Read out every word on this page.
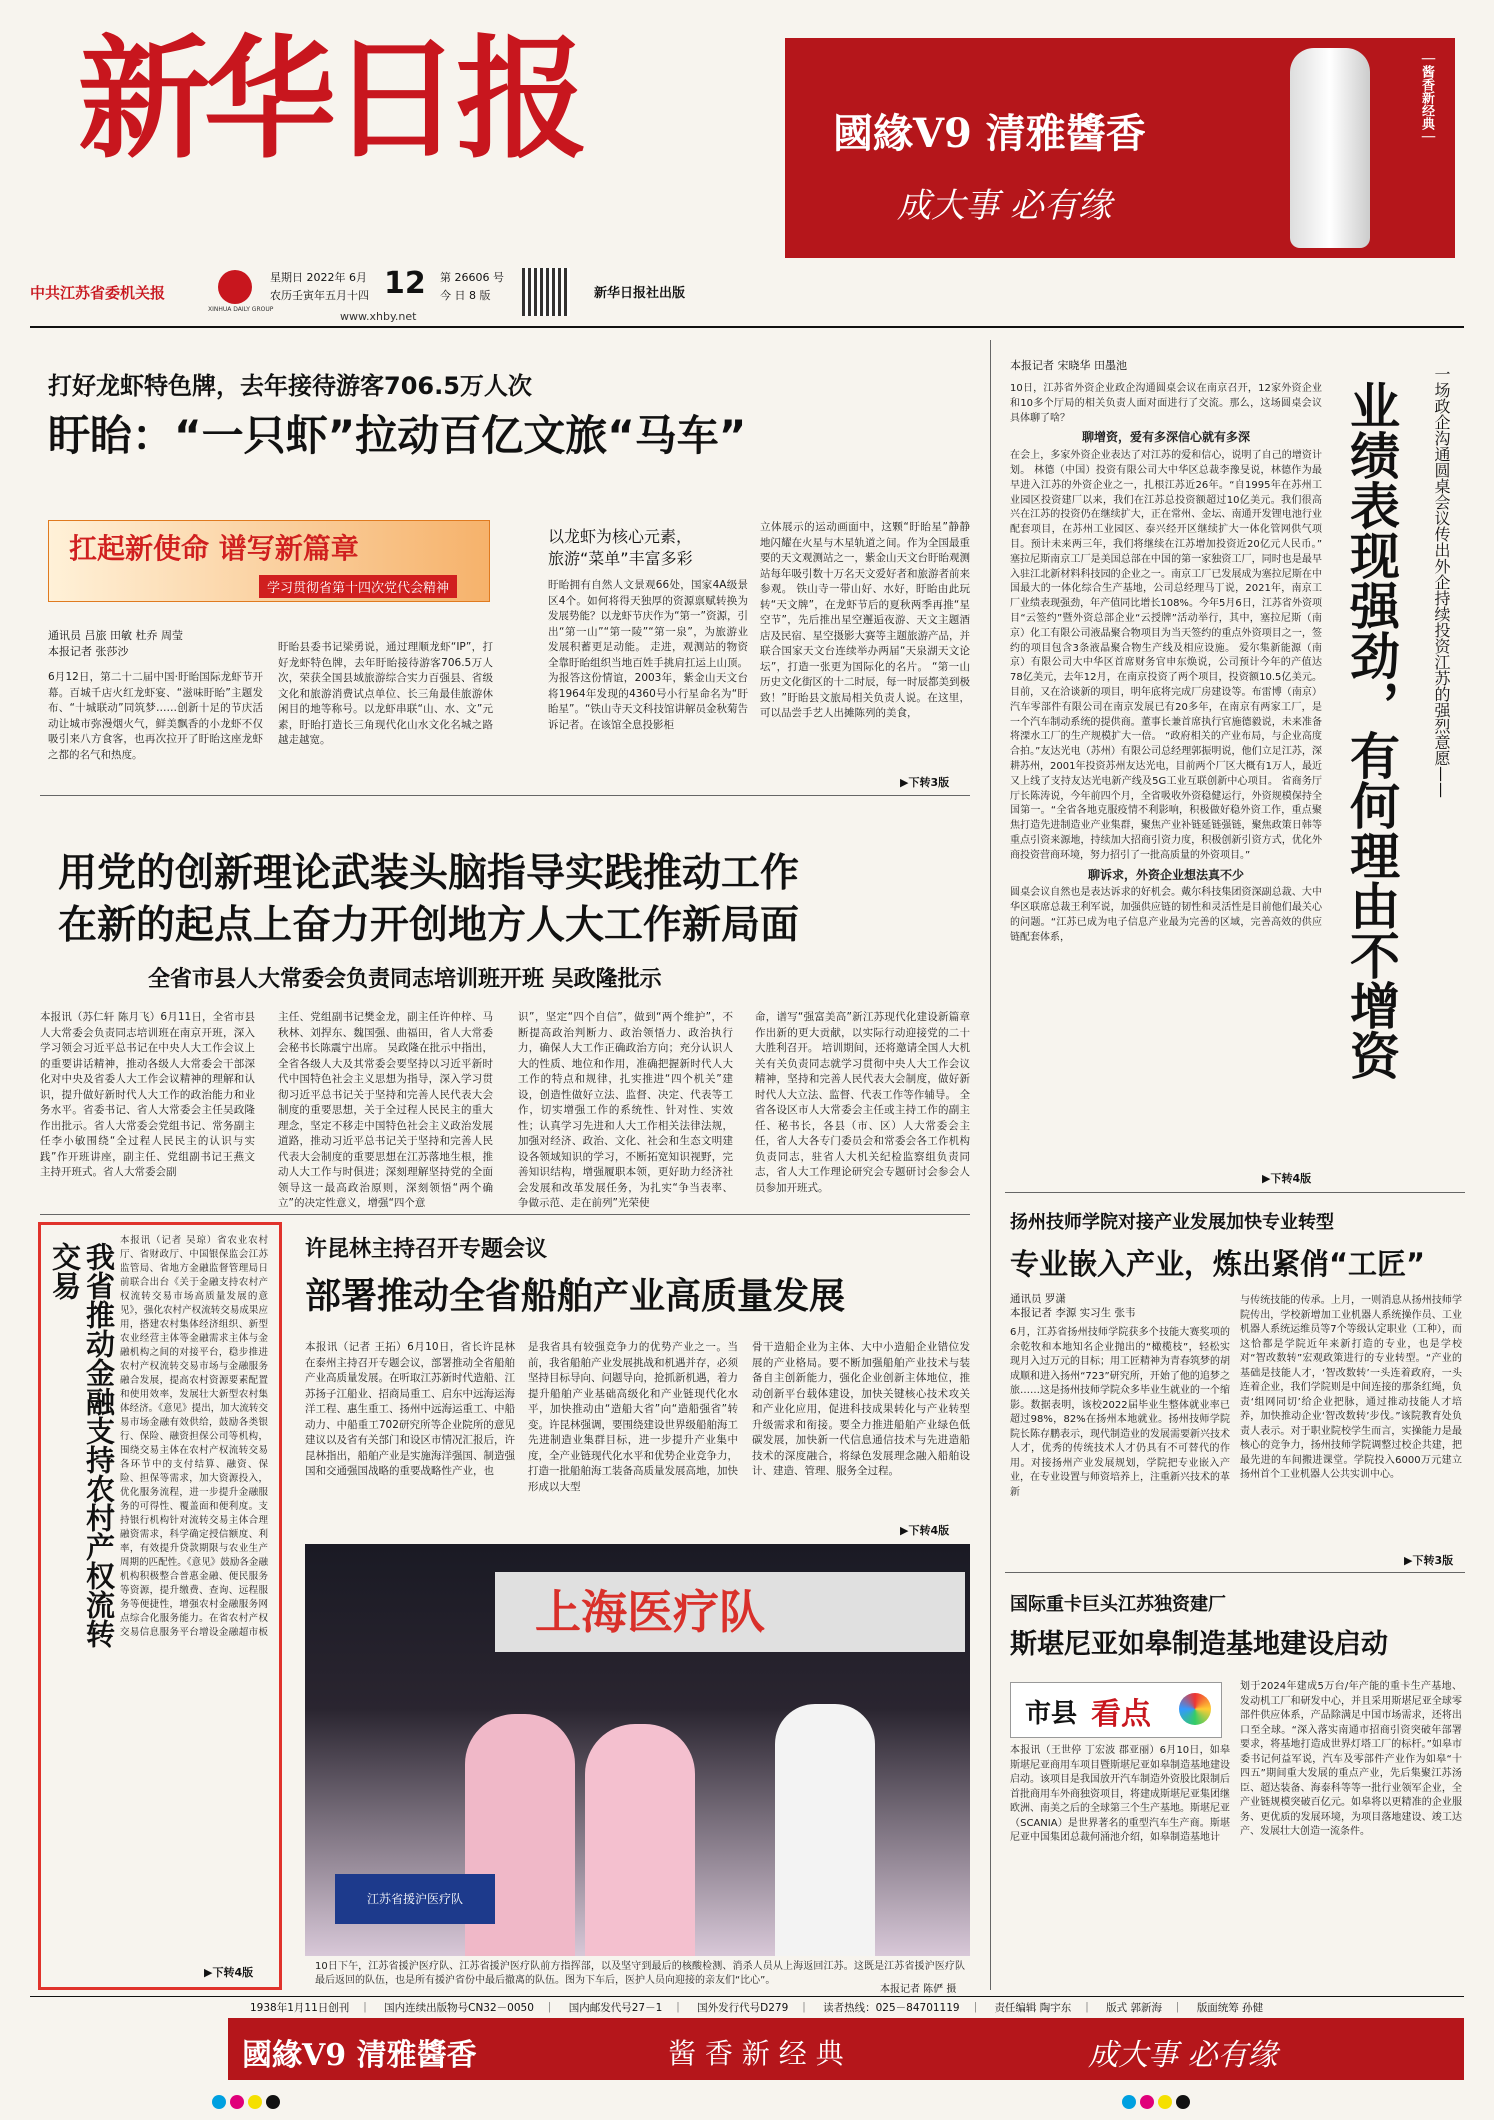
新华日报
中共江苏省委机关报
XINHUA DAILY GROUP
星期日 2022年 6月
农历壬寅年五月十四 12 第 26606 号
今 日 8 版	新华日报社出版
www.xhby.net
國緣V9 清雅醬香
成大事 必有缘
｜酱香新经典｜
打好龙虾特色牌，去年接待游客706.5万人次
盱眙：“一只虾”拉动百亿文旅“马车”
扛起新使命 谱写新篇章
学习贯彻省第十四次党代会精神
以龙虾为核心元素，
旅游“菜单”丰富多彩
通讯员 吕旅 田敏 杜乔 周莹
本报记者 张莎沙
6月12日，第二十二届中国·盱眙国际龙虾节开幕。百城千店火红龙虾宴、“滋味盱眙”主题发布、“十城联动”同筑梦……创新十足的节庆活动让城市弥漫烟火气，鲜美飘香的小龙虾不仅吸引来八方食客，也再次拉开了盱眙这座龙虾之都的名气和热度。
盱眙县委书记梁勇说，通过理顺龙虾“IP”，打好龙虾特色牌，去年盱眙接待游客706.5万人次，荣获全国县域旅游综合实力百强县、省级文化和旅游消费试点单位、长三角最佳旅游休闲目的地等称号。以龙虾串联“山、水、文”元素，盱眙打造长三角现代化山水文化名城之路越走越宽。
盱眙拥有自然人文景观66处，国家4A级景区4个。如何将得天独厚的资源禀赋转换为发展势能？以龙虾节庆作为“第一”资源，引出“第一山”“第一陵”“第一泉”，为旅游业发展积蓄更足动能。 走进，观测站的物资全靠盱眙组织当地百姓手挑肩扛运上山顶。为报答这份情谊，2003年，紫金山天文台将1964年发现的4360号小行星命名为“盱眙星”。“铁山寺天文科技馆讲解员金秋菊告诉记者。在该馆全息投影柜
立体展示的运动画面中，这颗“盱眙星”静静地闪耀在火星与木星轨道之间。作为全国最重要的天文观测站之一，紫金山天文台盱眙观测站每年吸引数十万名天文爱好者和旅游者前来参观。 铁山寺一带山好、水好，盱眙由此玩转“天文牌”，在龙虾节后的夏秋两季再推“星空节”，先后推出星空邂逅夜游、天文主题酒店及民宿、星空摄影大赛等主题旅游产品，并联合国家天文台连续举办两届“天泉湖天文论坛”，打造一张更为国际化的名片。 “第一山历史文化街区的十二时辰，每一时辰都美到极致！”盱眙县文旅局相关负责人说。在这里，可以品尝手艺人出摊陈列的美食，
▶下转3版
用党的创新理论武装头脑指导实践推动工作
在新的起点上奋力开创地方人大工作新局面
全省市县人大常委会负责同志培训班开班 吴政隆批示
本报讯（苏仁轩 陈月飞）6月11日，全省市县人大常委会负责同志培训班在南京开班，深入学习领会习近平总书记在中央人大工作会议上的重要讲话精神，推动各级人大常委会干部深化对中央及省委人大工作会议精神的理解和认识，提升做好新时代人大工作的政治能力和业务水平。省委书记、省人大常委会主任吴政隆作出批示。省人大常委会党组书记、常务副主任李小敏围绕“全过程人民民主的认识与实践”作开班讲座，副主任、党组副书记王燕文主持开班式。省人大常委会副
主任、党组副书记樊金龙，副主任许仲梓、马秋林、刘捍东、魏国强、曲福田，省人大常委会秘书长陈震宁出席。 吴政隆在批示中指出，全省各级人大及其常委会要坚持以习近平新时代中国特色社会主义思想为指导，深入学习贯彻习近平总书记关于坚持和完善人民代表大会制度的重要思想，关于全过程人民民主的重大理念，坚定不移走中国特色社会主义政治发展道路，推动习近平总书记关于坚持和完善人民代表大会制度的重要思想在江苏落地生根，推动人大工作与时俱进；深刻理解坚持党的全面领导这一最高政治原则，深刻领悟“两个确立”的决定性意义，增强“四个意
识”，坚定“四个自信”，做到“两个维护”，不断提高政治判断力、政治领悟力、政治执行力，确保人大工作正确政治方向；充分认识人大的性质、地位和作用，准确把握新时代人大工作的特点和规律，扎实推进“四个机关”建设，创造性做好立法、监督、决定、代表等工作，切实增强工作的系统性、针对性、实效性；认真学习先进和人大工作相关法律法规，加强对经济、政治、文化、社会和生态文明建设各领域知识的学习，不断拓宽知识视野，完善知识结构，增强履职本领，更好助力经济社会发展和改革发展任务，为扎实“争当表率、争做示范、走在前列”光荣使
命，谱写“强富美高”新江苏现代化建设新篇章作出新的更大贡献，以实际行动迎接党的二十大胜利召开。 培训期间，还将邀请全国人大机关有关负责同志就学习贯彻中央人大工作会议精神，坚持和完善人民代表大会制度，做好新时代人大立法、监督、代表工作等作辅导。 全省各设区市人大常委会主任或主持工作的副主任、秘书长，各县（市、区）人大常委会主任，省人大各专门委员会和常委会各工作机构负责同志，驻省人大机关纪检监察组负责同志，省人大工作理论研究会专题研讨会参会人员参加开班式。
我省推动金融支持农村产权流转交易
本报讯（记者 吴琼）省农业农村厅、省财政厅、中国银保监会江苏监管局、省地方金融监督管理局日前联合出台《关于金融支持农村产权流转交易市场高质量发展的意见》，强化农村产权流转交易成果应用，搭建农村集体经济组织、新型农业经营主体等金融需求主体与金融机构之间的对接平台，稳步推进农村产权流转交易市场与金融服务融合发展，提高农村资源要素配置和使用效率，发展壮大新型农村集体经济。《意见》提出，加大流转交易市场金融有效供给，鼓励各类银行、保险、融资担保公司等机构，围绕交易主体在农村产权流转交易各环节中的支付结算、融资、保险、担保等需求，加大资源投入，优化服务流程，进一步提升金融服务的可得性、覆盖面和便利度。支持银行机构针对流转交易主体合理融资需求，科学确定授信额度、利率，有效提升贷款期限与农业生产周期的匹配性。《意见》鼓励各金融机构积极整合普惠金融、便民服务等资源，提升缴费、查询、远程服务等便捷性，增强农村金融服务网点综合化服务能力。在省农村产权交易信息服务平台增设金融超市板
▶下转4版
许昆林主持召开专题会议
部署推动全省船舶产业高质量发展
本报讯（记者 王拓）6月10日，省长许昆林在泰州主持召开专题会议，部署推动全省船舶产业高质量发展。在听取江苏新时代造船、江苏扬子江船业、招商局重工、启东中远海运海洋工程、惠生重工、扬州中远海运重工、中船动力、中船重工702研究所等企业院所的意见建议以及省有关部门和设区市情况汇报后，许昆林指出，船舶产业是实施海洋强国、制造强国和交通强国战略的重要战略性产业，也
是我省具有较强竞争力的优势产业之一。当前，我省船舶产业发展挑战和机遇并存，必须坚持目标导向、问题导向，抢抓新机遇，着力提升船舶产业基础高级化和产业链现代化水平，加快推动由“造船大省”向“造船强省”转变。许昆林强调，要围绕建设世界级船舶海工先进制造业集群目标，进一步提升产业集中度，全产业链现代化水平和优势企业竞争力，打造一批船舶海工装备高质量发展高地，加快形成以大型
骨干造船企业为主体、大中小造船企业错位发展的产业格局。要不断加强船舶产业技术与装备自主创新能力，强化企业创新主体地位，推动创新平台载体建设，加快关键核心技术攻关和产业化应用，促进科技成果转化与产业转型升级需求和衔接。要全力推进船舶产业绿色低碳发展，加快新一代信息通信技术与先进造船技术的深度融合，将绿色发展理念融入船舶设计、建造、管理、服务全过程。
▶下转4版
上海医疗队
江苏省援沪医疗队
10日下午，江苏省援沪医疗队、江苏省援沪医疗队前方指挥部，以及坚守到最后的核酸检测、消杀人员从上海返回江苏。这既是江苏省援沪医疗队最后返回的队伍，也是所有援沪省份中最后撤离的队伍。图为下车后，医护人员向迎接的亲友们“比心”。
本报记者 陈俨 摄
本报记者 宋晓华 田墨池
10日，江苏省外资企业政企沟通圆桌会议在南京召开，12家外资企业和10多个厅局的相关负责人面对面进行了交流。那么，这场圆桌会议具体聊了啥？
聊增资，爱有多深信心就有多深
在会上，多家外资企业表达了对江苏的爱和信心，说明了自己的增资计划。 林德（中国）投资有限公司大中华区总裁李豫旻说，林德作为最早进入江苏的外资企业之一，扎根江苏近26年。“自1995年在苏州工业园区投资建厂以来，我们在江苏总投资额超过10亿美元。我们很高兴在江苏的投资仍在继续扩大，正在常州、金坛、南通开发锂电池行业配套项目，在苏州工业园区、泰兴经开区继续扩大一体化管网供气项目。预计未来两三年，我们将继续在江苏增加投资近20亿元人民币。” 塞拉尼斯南京工厂是美国总部在中国的第一家独资工厂，同时也是最早入驻江北新材料科技园的企业之一。南京工厂已发展成为塞拉尼斯在中国最大的一体化综合生产基地，公司总经理马丁说，2021年，南京工厂业绩表现强劲，年产值同比增长108%。今年5月6日，江苏省外资项目“云签约”暨外资总部企业“云授牌”活动举行，其中，塞拉尼斯（南京）化工有限公司液晶聚合物项目为当天签约的重点外资项目之一，签约的项目包含3条液晶聚合物生产线及相应设施。 爱尔集新能源（南京）有限公司大中华区首席财务官申东焕说，公司预计今年的产值达78亿美元，去年12月，在南京投资了两个项目，投资额10.5亿美元。目前，又在洽谈新的项目，明年底将完成厂房建设等。布雷博（南京）汽车零部件有限公司在南京发展已有20多年，在南京有两家工厂，是一个汽车制动系统的提供商。董事长兼首席执行官施德毅说，未来准备将溧水工厂的生产规模扩大一倍。 “政府相关的产业布局，与企业高度合拍。”友达光电（苏州）有限公司总经理郭振明说，他们立足江苏，深耕苏州，2001年投资苏州友达光电，目前两个厂区大概有1万人，最近又上线了支持友达光电新产线及5G工业互联创新中心项目。 省商务厅厅长陈涛说，今年前四个月，全省吸收外资稳健运行，外资规模保持全国第一。“全省各地克服疫情不利影响，积极做好稳外资工作，重点聚焦打造先进制造业产业集群，聚焦产业补链延链强链，聚焦政策日韩等重点引资来源地，持续加大招商引资力度，积极创新引资方式，优化外商投资营商环境，努力招引了一批高质量的外资项目。”
聊诉求，外资企业想法真不少
圆桌会议自然也是表达诉求的好机会。戴尔科技集团资深副总裁、大中华区联席总裁王利军说，加强供应链的韧性和灵活性是目前他们最关心的问题。“江苏已成为电子信息产业最为完善的区域，完善高效的供应链配套体系，
▶下转4版
一场政企沟通圆桌会议传出外企持续投资江苏的强烈意愿——
业绩表现强劲，有何理由不增资
扬州技师学院对接产业发展加快专业转型
专业嵌入产业，炼出紧俏“工匠”
通讯员 罗潇
本报记者 李源 实习生 张韦
6月，江苏省扬州技师学院获多个技能大赛奖项的余乾牧和本地知名企业抛出的“橄榄枝”，轻松实现月入过万元的目标；用工匠精神为青春筑梦的胡成顺和进入扬州“723”研究所，开始了他的追梦之旅……这是扬州技师学院众多毕业生就业的一个缩影。数据表明，该校2022届毕业生整体就业率已超过98%，82%在扬州本地就业。扬州技师学院院长陈存鹏表示，现代制造业的发展需要新兴技术人才，优秀的传统技术人才仍具有不可替代的作用。对接扬州产业发展规划，学院把专业嵌入产业，在专业设置与师资培养上，注重新兴技术的革新
与传统技能的传承。上月，一则消息从扬州技师学院传出，学校新增加工业机器人系统操作员、工业机器人系统运维员等7个等级认定职业（工种），而这恰都是学院近年来新打造的专业，也是学校对“智改数转”宏观政策进行的专业转型。“产业的基础是技能人才，‘智改数转’一头连着政府，一头连着企业，我们学院则是中间连接的那条红绳，负责‘组网同切’给企业把脉，通过推动技能人才培养，加快推动企业‘智改数转’步伐。”该院教育处负责人表示。对于职业院校学生而言，实操能力是最核心的竞争力，扬州技师学院调整过校企共建，把最先进的车间搬进课堂。学院投入6000万元建立扬州首个工业机器人公共实训中心。
▶下转3版
国际重卡巨头江苏独资建厂
斯堪尼亚如皋制造基地建设启动
市县 看点
本报讯（王世停 丁宏波 郡亚丽）6月10日，如皋斯堪尼亚商用车项目暨斯堪尼亚如皋制造基地建设启动。该项目是我国放开汽车制造外资股比限制后首批商用车外商独资项目，将建成斯堪尼亚集团继欧洲、南美之后的全球第三个生产基地。斯堪尼亚（SCANIA）是世界著名的重型汽车生产商。斯堪尼亚中国集团总裁何涌池介绍，如皋制造基地计
划于2024年建成5万台/年产能的重卡生产基地、发动机工厂和研发中心，并且采用斯堪尼亚全球零部件供应体系，产品除满足中国市场需求，还将出口至全球。“深入落实南通市招商引资突破年部署要求，将基地打造成世界灯塔工厂的标杆。”如皋市委书记何益军说，汽车及零部件产业作为如皋“十四五”期间重大发展的重点产业，先后集聚江苏汤臣、超达装备、海泰科等等一批行业领军企业，全产业链规模突破百亿元。如皋将以更精准的企业服务、更优质的发展环境，为项目落地建设、竣工达产、发展壮大创造一流条件。
1938年1月11日创刊　｜　 国内连续出版物号CN32－0050　｜　 国内邮发代号27－1　｜　 国外发行代号D279　｜　 读者热线：025－84701119　｜　 责任编辑 陶宇东　｜　 版式 郭新海　｜　 版面统筹 孙健
國緣V9 清雅醬香	酱 香 新 经 典	成大事 必有缘
